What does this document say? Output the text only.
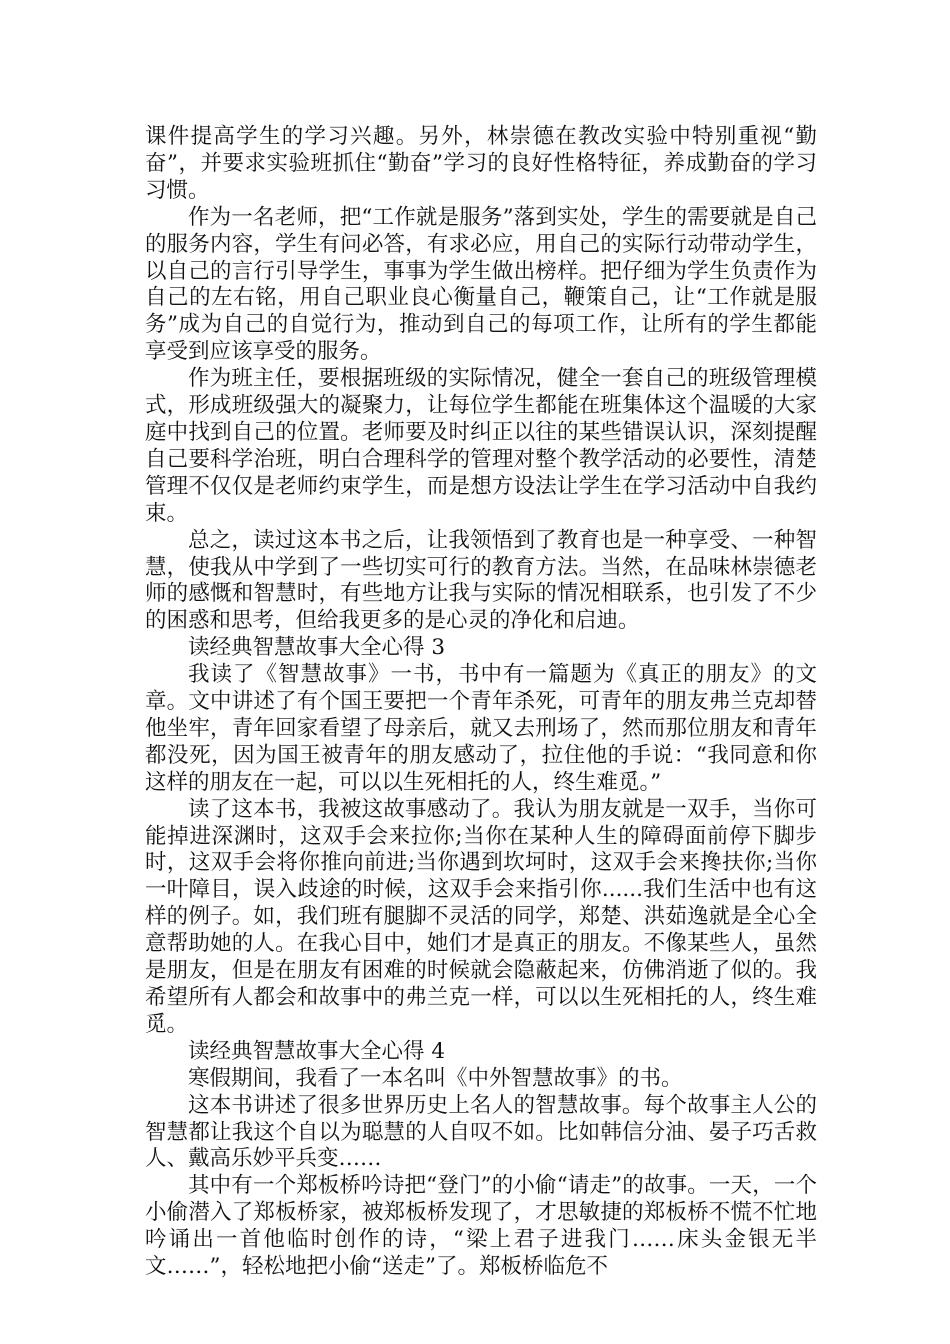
课件提高学生的学习兴趣。另外，林崇德在教改实验中特别重视“勤奋”，并要求实验班抓住“勤奋”学习的良好性格特征，养成勤奋的学习习惯。

作为一名老师，把“工作就是服务”落到实处，学生的需要就是自己的服务内容，学生有问必答，有求必应，用自己的实际行动带动学生，以自己的言行引导学生，事事为学生做出榜样。把仔细为学生负责作为自己的左右铭，用自己职业良心衡量自己，鞭策自己，让“工作就是服务”成为自己的自觉行为，推动到自己的每项工作，让所有的学生都能享受到应该享受的服务。

作为班主任，要根据班级的实际情况，健全一套自己的班级管理模式，形成班级强大的凝聚力，让每位学生都能在班集体这个温暖的大家庭中找到自己的位置。老师要及时纠正以往的某些错误认识，深刻提醒自己要科学治班，明白合理科学的管理对整个教学活动的必要性，清楚管理不仅仅是老师约束学生，而是想方设法让学生在学习活动中自我约束。

总之，读过这本书之后，让我领悟到了教育也是一种享受、一种智慧，使我从中学到了一些切实可行的教育方法。当然，在品味林崇德老师的感慨和智慧时，有些地方让我与实际的情况相联系，也引发了不少的困惑和思考，但给我更多的是心灵的净化和启迪。

读经典智慧故事大全心得 3

我读了《智慧故事》一书，书中有一篇题为《真正的朋友》的文章。文中讲述了有个国王要把一个青年杀死，可青年的朋友弗兰克却替他坐牢，青年回家看望了母亲后，就又去刑场了，然而那位朋友和青年都没死，因为国王被青年的朋友感动了，拉住他的手说：“我同意和你这样的朋友在一起，可以以生死相托的人，终生难觅。”

读了这本书，我被这故事感动了。我认为朋友就是一双手，当你可能掉进深渊时，这双手会来拉你;当你在某种人生的障碍面前停下脚步时，这双手会将你推向前进;当你遇到坎坷时，这双手会来搀扶你;当你一叶障目，误入歧途的时候，这双手会来指引你......我们生活中也有这样的例子。如，我们班有腿脚不灵活的同学，郑楚、洪茹逸就是全心全意帮助她的人。在我心目中，她们才是真正的朋友。不像某些人，虽然是朋友，但是在朋友有困难的时候就会隐蔽起来，仿佛消逝了似的。我希望所有人都会和故事中的弗兰克一样，可以以生死相托的人，终生难觅。

读经典智慧故事大全心得 4

寒假期间，我看了一本名叫《中外智慧故事》的书。

这本书讲述了很多世界历史上名人的智慧故事。每个故事主人公的智慧都让我这个自以为聪慧的人自叹不如。比如韩信分油、晏子巧舌救人、戴高乐妙平兵变……

其中有一个郑板桥吟诗把“登门”的小偷“请走”的故事。一天，一个小偷潜入了郑板桥家，被郑板桥发现了，才思敏捷的郑板桥不慌不忙地吟诵出一首他临时创作的诗，“梁上君子进我门……床头金银无半文……”，轻松地把小偷“送走”了。郑板桥临危不
